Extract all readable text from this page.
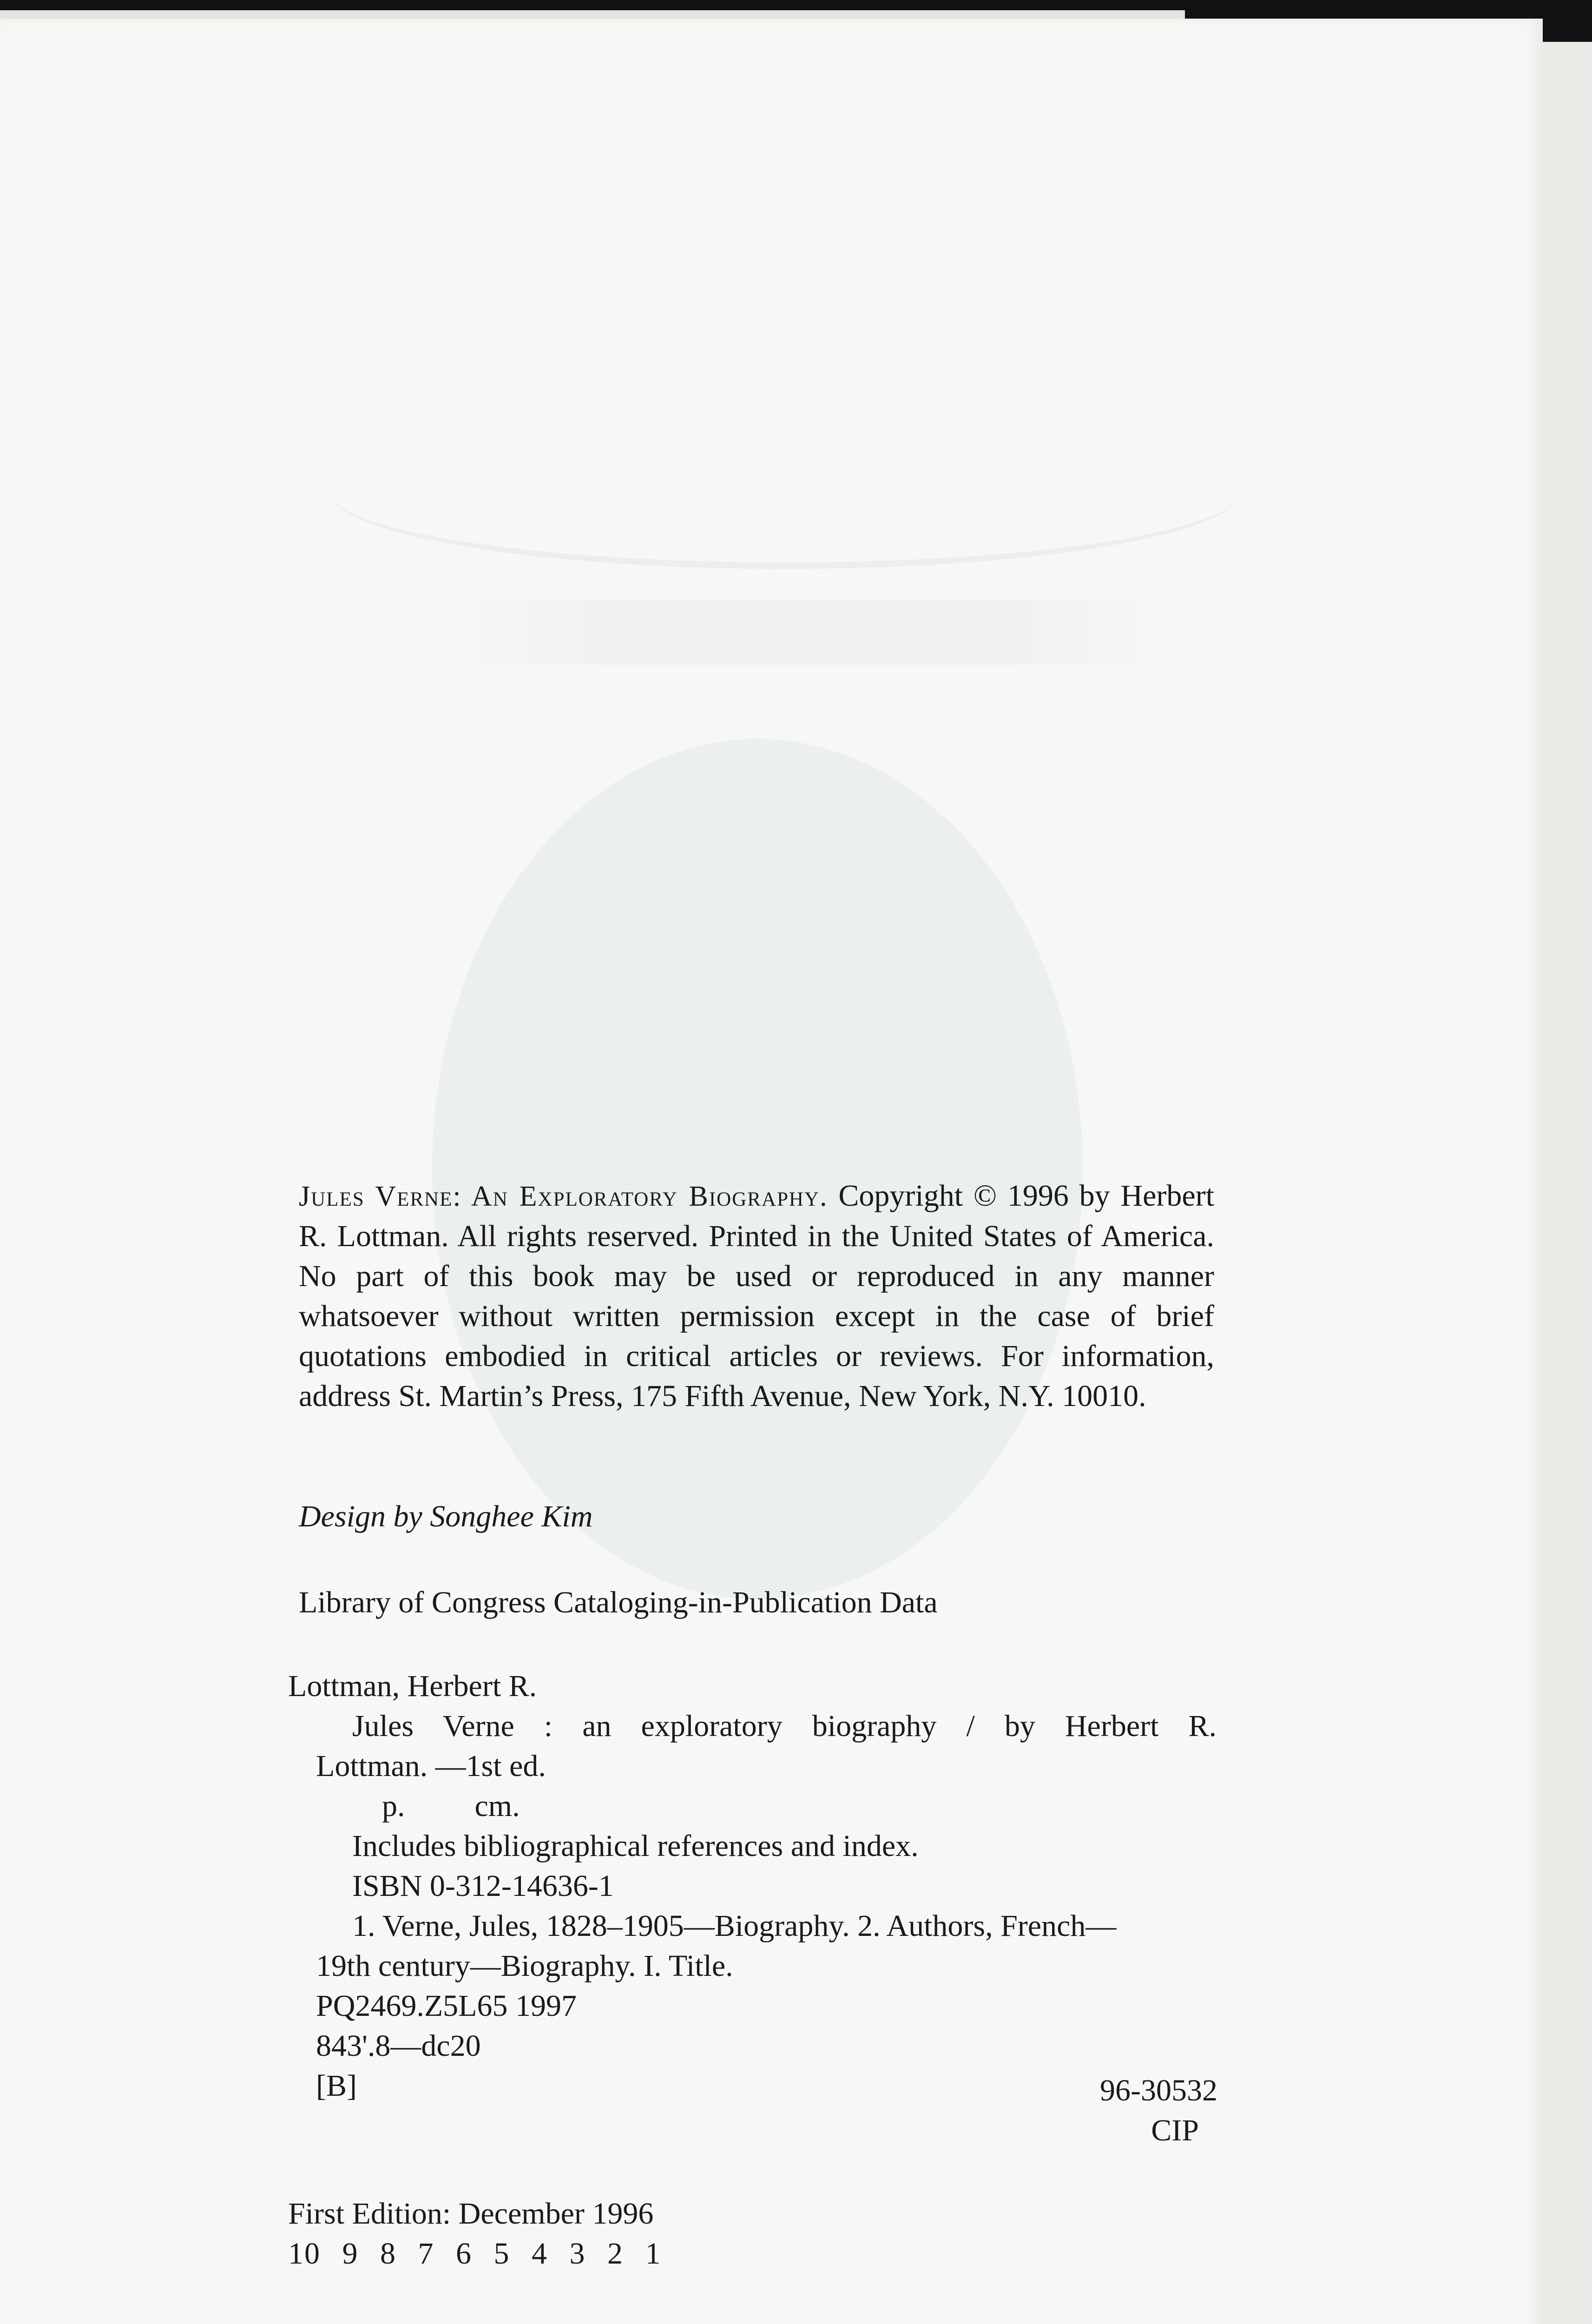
Jules Verne: An Exploratory Biography. Copyright © 1996 by Herbert R. Lottman. All rights reserved. Printed in the United States of America. No part of this book may be used or reproduced in any manner whatsoever without written permission except in the case of brief quotations embodied in critical articles or reviews. For information, address St. Martin’s Press, 175 Fifth Avenue, New York, N.Y. 10010.

Design by Songhee Kim

Library of Congress Cataloging-in-Publication Data

Lottman, Herbert R.
Jules Verne : an exploratory biography / by Herbert R.
Lottman. —1st ed.
p. cm.
Includes bibliographical references and index.
ISBN 0-312-14636-1
1. Verne, Jules, 1828–1905—Biography. 2. Authors, French—
19th century—Biography. I. Title.
PQ2469.Z5L65 1997
843'.8—dc20
[B]	96-30532
CIP

First Edition: December 1996

10 9 8 7 6 5 4 3 2 1
